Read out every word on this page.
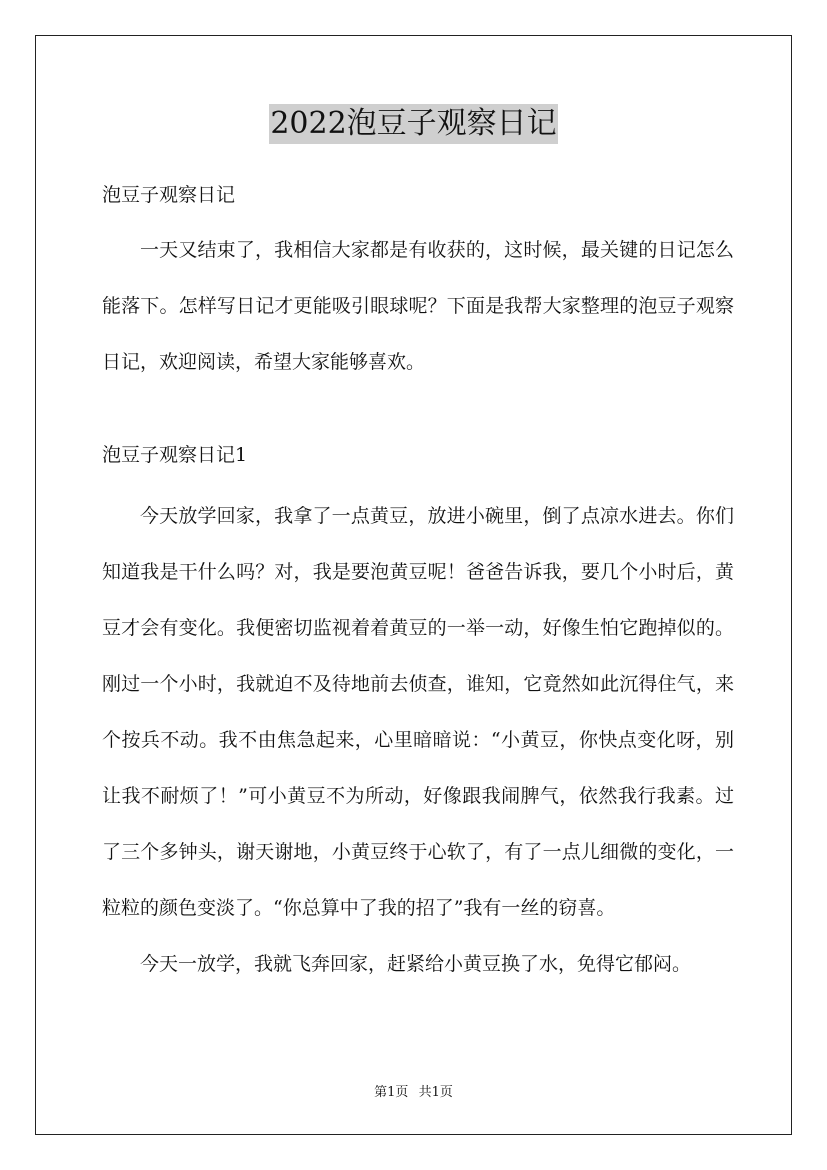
2022泡豆子观察日记

泡豆子观察日记

一天又结束了，我相信大家都是有收获的，这时候，最关键的日记怎么能落下。怎样写日记才更能吸引眼球呢？下面是我帮大家整理的泡豆子观察日记，欢迎阅读，希望大家能够喜欢。

泡豆子观察日记1

今天放学回家，我拿了一点黄豆，放进小碗里，倒了点凉水进去。你们知道我是干什么吗？对，我是要泡黄豆呢！爸爸告诉我，要几个小时后，黄豆才会有变化。我便密切监视着着黄豆的一举一动，好像生怕它跑掉似的。刚过一个小时，我就迫不及待地前去侦查，谁知，它竟然如此沉得住气，来个按兵不动。我不由焦急起来，心里暗暗说：“小黄豆，你快点变化呀，别让我不耐烦了！”可小黄豆不为所动，好像跟我闹脾气，依然我行我素。过了三个多钟头，谢天谢地，小黄豆终于心软了，有了一点儿细微的变化，一粒粒的颜色变淡了。“你总算中了我的招了”我有一丝的窃喜。

今天一放学，我就飞奔回家，赶紧给小黄豆换了水，免得它郁闷。

第1页 共1页
